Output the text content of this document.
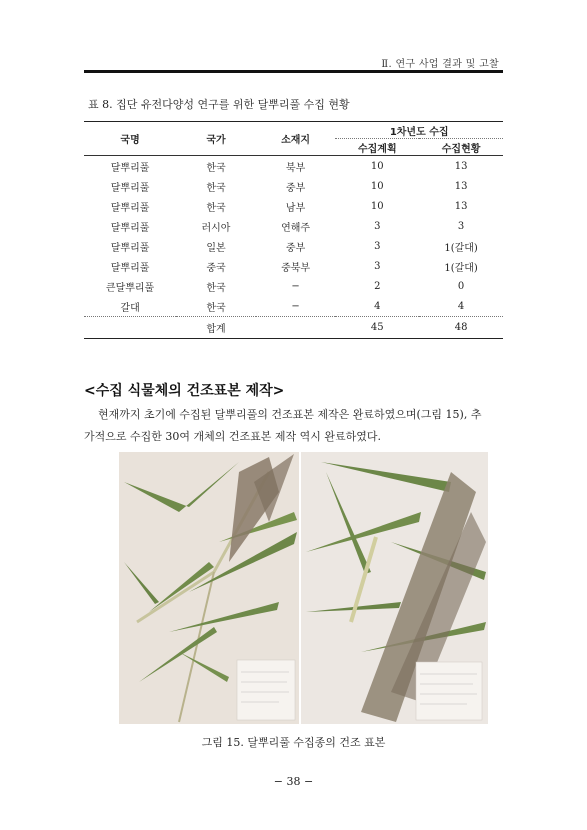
Ⅱ. 연구 사업 결과 및 고찰
표 8. 집단 유전다양성 연구를 위한 달뿌리풀 수집 현황
국명	국가	소재지	1차년도 수집	
			수집계획	수집현황
달뿌리풀	한국	북부	10	13
달뿌리풀	한국	중부	10	13
달뿌리풀	한국	남부	10	13
달뿌리풀	러시아	연해주	3	3
달뿌리풀	일본	중부	3	1(갈대)
달뿌리풀	중국	중북부	3	1(갈대)
큰달뿌리풀	한국	−	2	0
갈대	한국	−	4	4
	합계		45	48
<수집 식물체의 건조표본 제작>
현재까지 초기에 수집된 달뿌리풀의 건조표본 제작은 완료하였으며(그림 15), 추
가적으로 수집한 30여 개체의 건조표본 제작 역시 완료하였다.
그림 15. 달뿌리풀 수집종의 건조 표본
− 38 −
